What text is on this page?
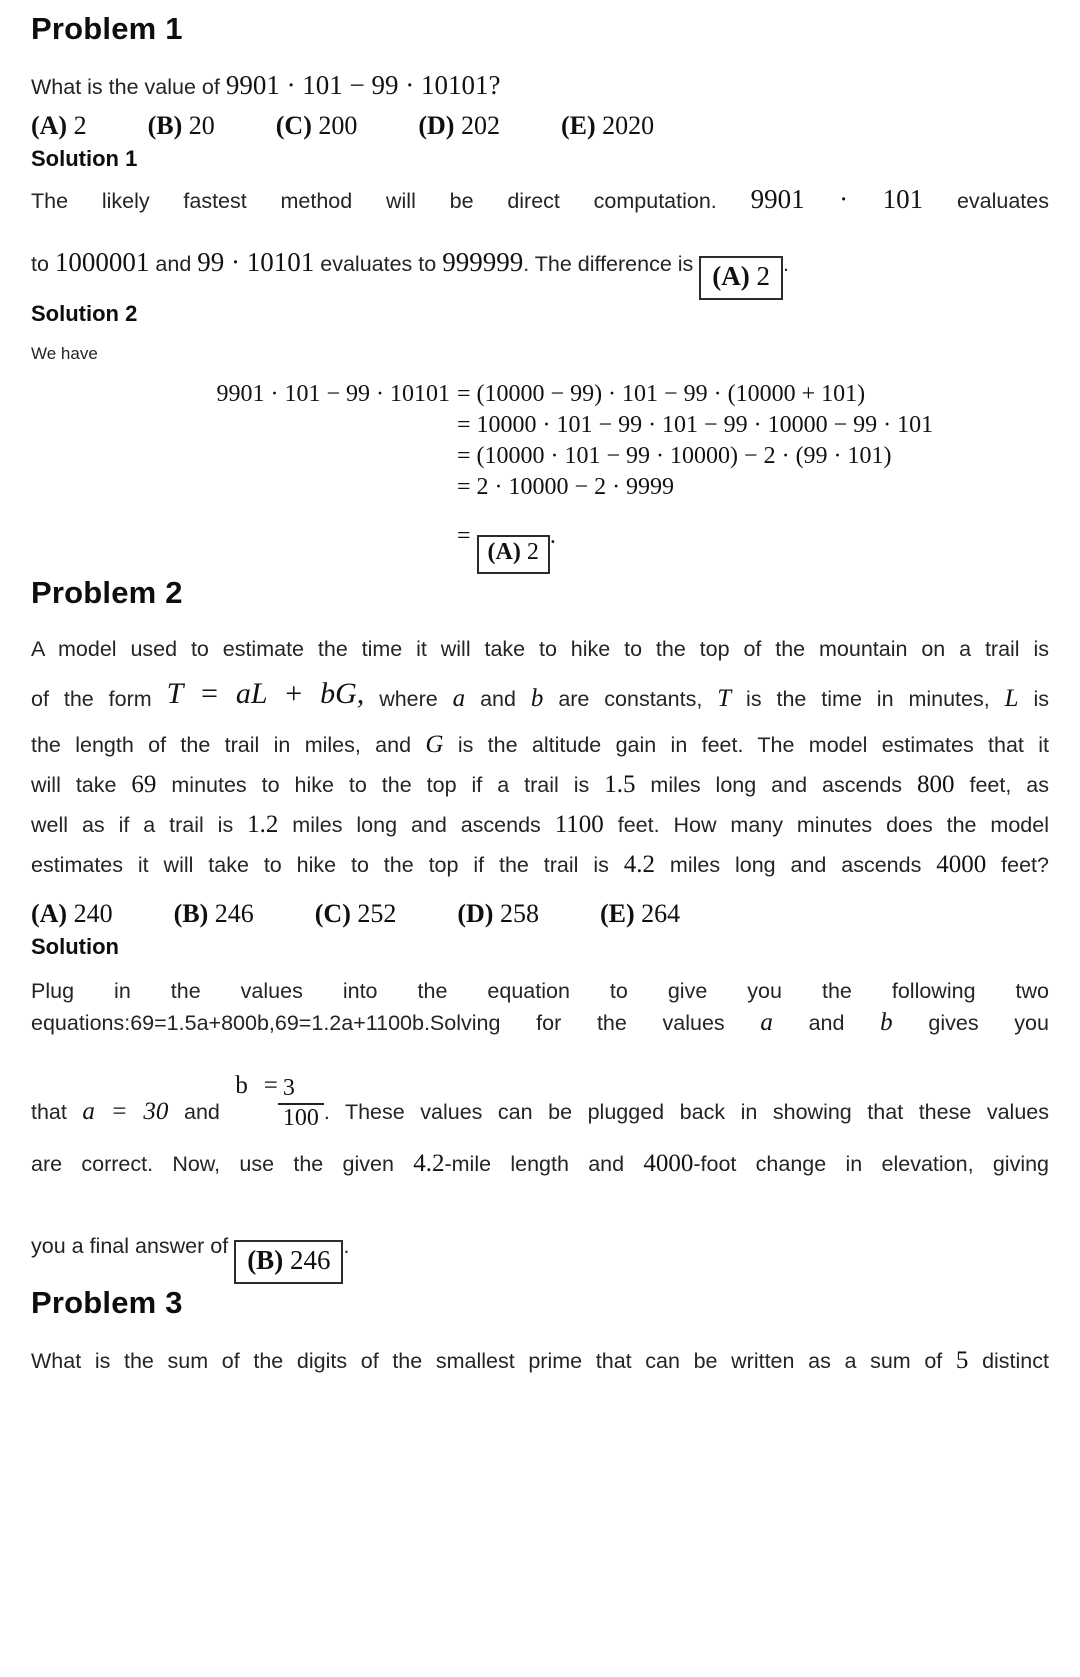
Problem 1
What is the value of 9901 · 101 − 99 · 10101?
(A) 2 (B) 20 (C) 200 (D) 202 (E) 2020
Solution 1
The likely fastest method will be direct computation. 9901 · 101 evaluates
to 1000001 and 99 · 10101 evaluates to 999999. The difference is (A) 2 .
Solution 2
We have
9901 · 101 − 99 · 10101 = (10000 − 99) · 101 − 99 · (10000 + 101)
= 10000 · 101 − 99 · 101 − 99 · 10000 − 99 · 101
= (10000 · 101 − 99 · 10000) − 2 · (99 · 101)
= 2 · 10000 − 2 · 9999
= (A) 2.
Problem 2
A model used to estimate the time it will take to hike to the top of the mountain on a trail is
of the form T = aL + bG, where a and b are constants, T is the time in minutes, L is
the length of the trail in miles, and G is the altitude gain in feet. The model estimates that it
will take 69 minutes to hike to the top if a trail is 1.5 miles long and ascends 800 feet, as
well as if a trail is 1.2 miles long and ascends 1100 feet. How many minutes does the model
estimates it will take to hike to the top if the trail is 4.2 miles long and ascends 4000 feet?
(A) 240 (B) 246 (C) 252 (D) 258 (E) 264
Solution
Plug in the values into the equation to give you the following two
equations:69=1.5a+800b,69=1.2a+1100b.Solving for the values a and b gives you
that a = 30 and $b = \frac{3}{100}$ . These values can be plugged back in showing that these values
are correct. Now, use the given 4.2-mile length and 4000-foot change in elevation, giving
you a final answer of (B) 246 .
Problem 3
What is the sum of the digits of the smallest prime that can be written as a sum of 5 distinct
